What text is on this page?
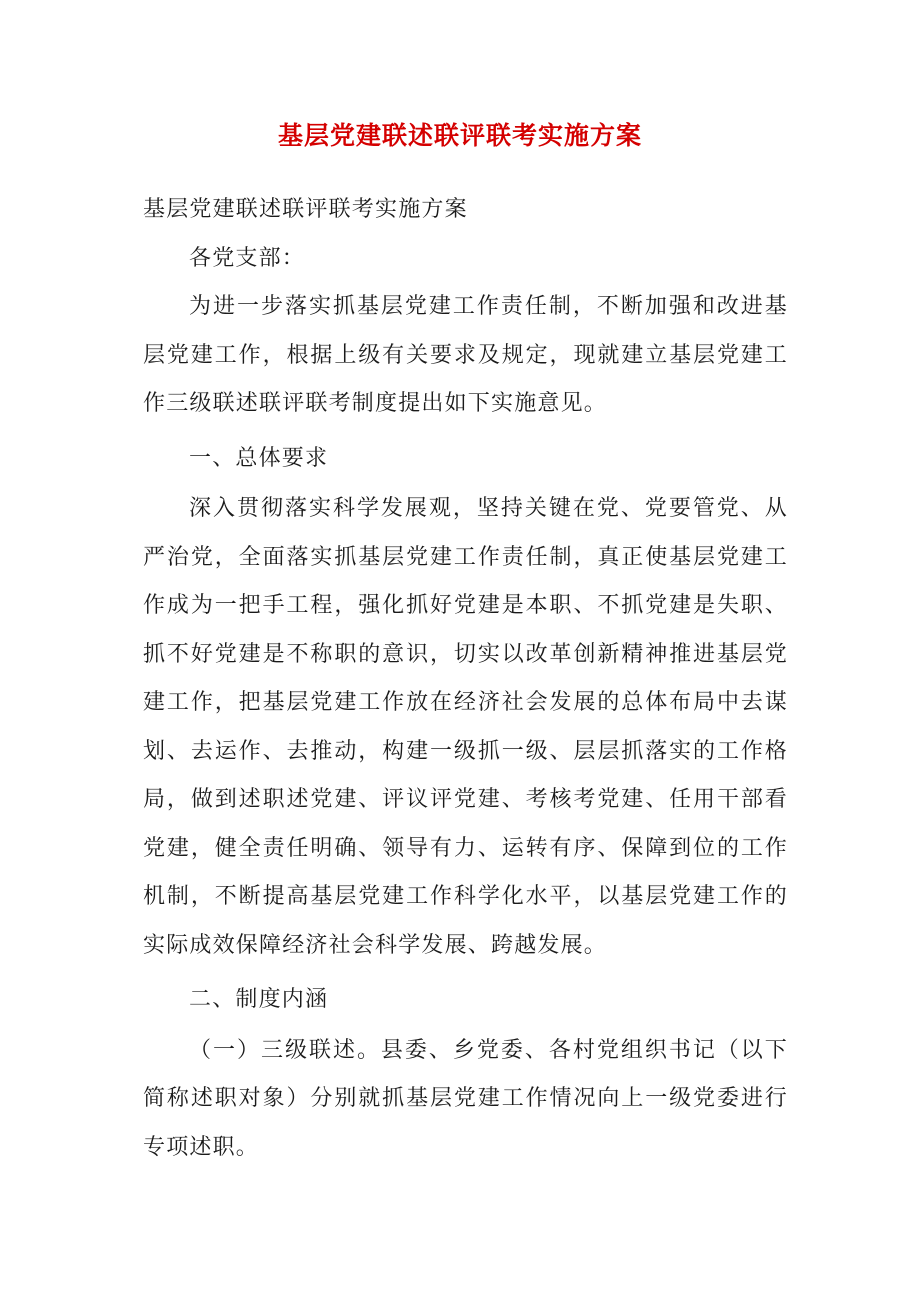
基层党建联述联评联考实施方案

基层党建联述联评联考实施方案

各党支部：

为进一步落实抓基层党建工作责任制，不断加强和改进基层党建工作，根据上级有关要求及规定，现就建立基层党建工作三级联述联评联考制度提出如下实施意见。

一、总体要求

深入贯彻落实科学发展观，坚持关键在党、党要管党、从严治党，全面落实抓基层党建工作责任制，真正使基层党建工作成为一把手工程，强化抓好党建是本职、不抓党建是失职、抓不好党建是不称职的意识，切实以改革创新精神推进基层党建工作，把基层党建工作放在经济社会发展的总体布局中去谋划、去运作、去推动，构建一级抓一级、层层抓落实的工作格局，做到述职述党建、评议评党建、考核考党建、任用干部看党建，健全责任明确、领导有力、运转有序、保障到位的工作机制，不断提高基层党建工作科学化水平，以基层党建工作的实际成效保障经济社会科学发展、跨越发展。

二、制度内涵

（一）三级联述。县委、乡党委、各村党组织书记（以下简称述职对象）分别就抓基层党建工作情况向上一级党委进行专项述职。
